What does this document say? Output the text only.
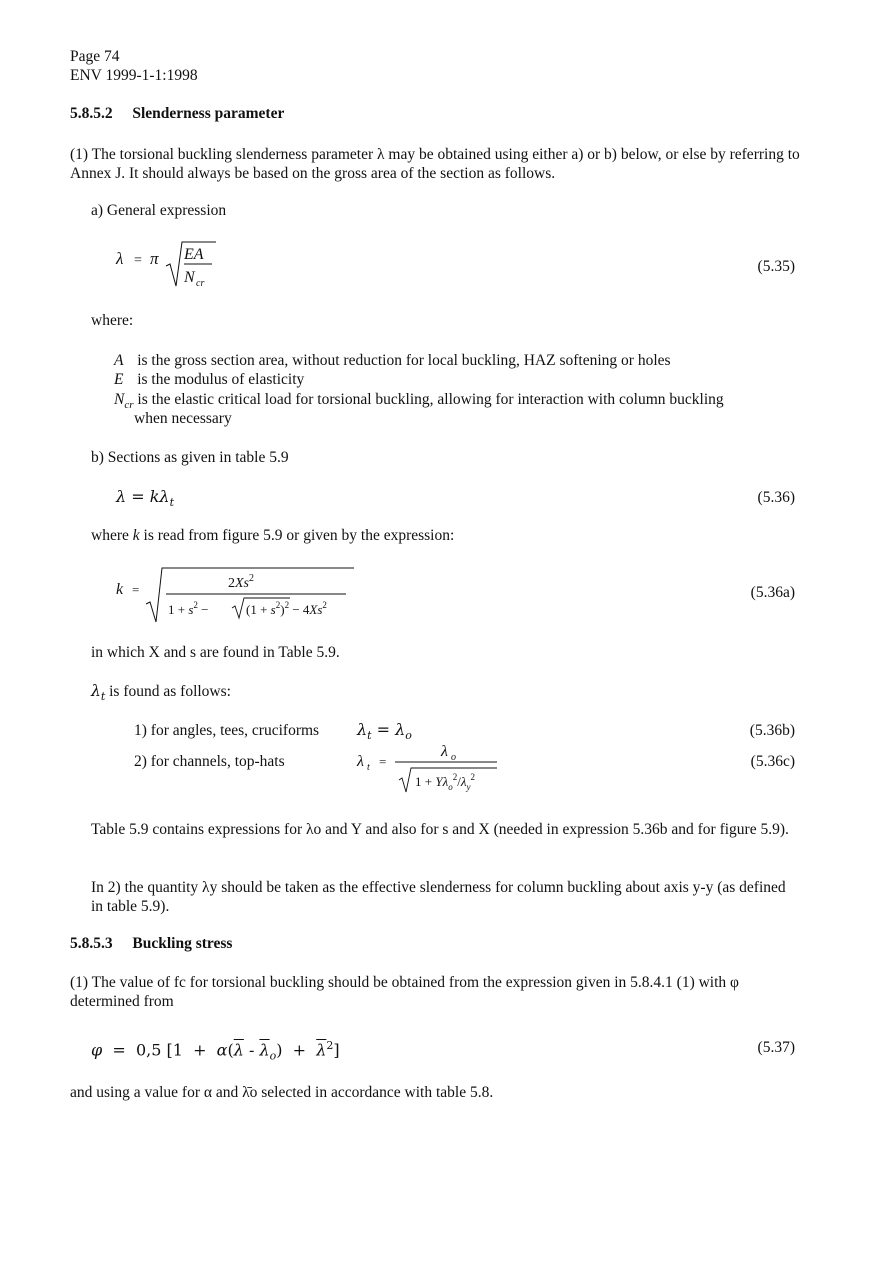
Page 74
ENV 1999-1-1:1998
5.8.5.2 Slenderness parameter
(1) The torsional buckling slenderness parameter λ may be obtained using either a) or b) below, or else by referring to Annex J. It should always be based on the gross area of the section as follows.
a) General expression
λ = π EA
N cr
(5.35)
where:
A is the gross section area, without reduction for local buckling, HAZ softening or holes
E is the modulus of elasticity
$N_{cr}$ is the elastic critical load for torsional buckling, allowing for interaction with column buckling
when necessary
b) Sections as given in table 5.9
$\lambda = k\lambda_t$	(5.36)
where k is read from figure 5.9 or given by the expression:
k =	$2Xs^2$
$1 + s^2$ −	$(1 + s^2)^2 - 4Xs^2$
(5.36a)
in which X and s are found in Table 5.9.
$\lambda_t$ is found as follows:
1) for angles, tees, cruciforms $\lambda_t = \lambda_o$	(5.36b)
2) for channels, top-hats	λ t =
λ o
$1 + Y\lambda_o^2/\lambda_y^2$
(5.36c)
Table 5.9 contains expressions for λo and Y and also for s and X (needed in expression 5.36b and for figure 5.9).
In 2) the quantity λy should be taken as the effective slenderness for column buckling about axis y-y (as defined in table 5.9).
5.8.5.3 Buckling stress
(1) The value of fc for torsional buckling should be obtained from the expression given in 5.8.4.1 (1) with φ determined from
φ  =  0,5 $[1 + \alpha(\overline{\lambda} - \overline{\lambda}_o) + \overline{\lambda}^2]$	(5.37)
and using a value for α and λ̄o selected in accordance with table 5.8.
